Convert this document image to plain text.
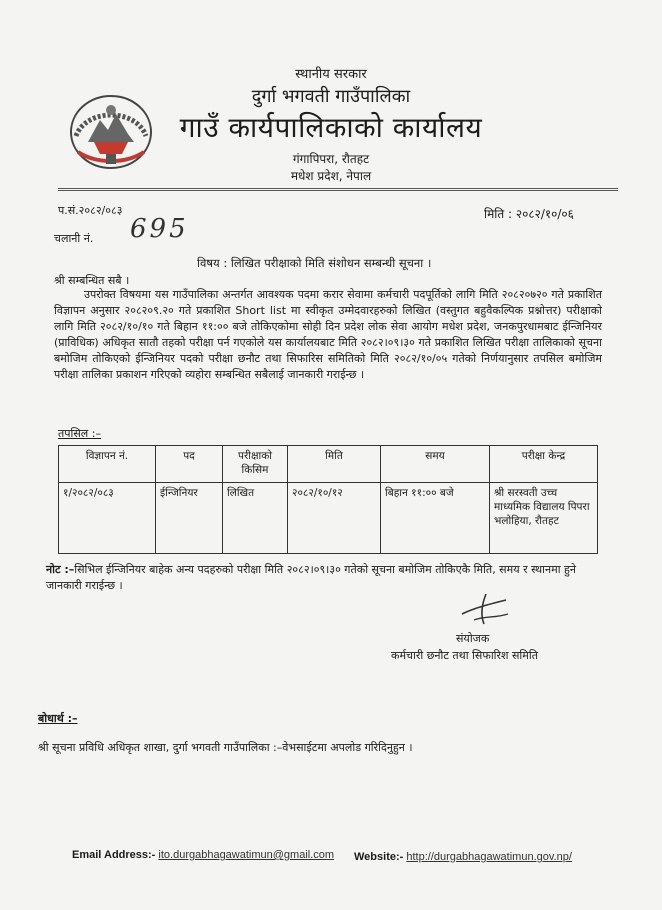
स्थानीय सरकार
दुर्गा भगवती गाउँपालिका
गाउँ कार्यपालिकाको कार्यालय
गंगापिपरा, रौतहट
मधेश प्रदेश, नेपाल
प.सं.२०८२/०८३	मिति : २०८२/१०/०६
चलानी नं. 695
विषय : लिखित परीक्षाको मिति संशोधन सम्बन्धी सूचना ।
श्री सम्बन्धित सबै ।
उपरोक्त विषयमा यस गाउँपालिका अन्तर्गत आवश्यक पदमा करार सेवामा कर्मचारी पदपूर्तिको लागि मिति २०८२०७२० गते प्रकाशित विज्ञापन अनुसार २०८२०९.२० गते प्रकाशित Short list मा स्वीकृत उम्मेदवारहरुको लिखित (वस्तुगत बहुवैकल्पिक प्रश्नोत्तर) परीक्षाको लागि मिति २०८२/१०/१० गते बिहान ११:०० बजे तोकिएकोमा सोही दिन प्रदेश लोक सेवा आयोग मधेश प्रदेश, जनकपुरधामबाट ईन्जिनियर (प्राविधिक) अधिकृत सातौ तहको परीक्षा पर्न गएकोले यस कार्यालयबाट मिति २०८२।०९।३० गते प्रकाशित लिखित परीक्षा तालिकाको सूचना बमोजिम तोकिएको ईन्जिनियर पदको परीक्षा छनौट तथा सिफारिस समितिको मिति २०८२/१०/०५ गतेको निर्णयानुसार तपसिल बमोजिम परीक्षा तालिका प्रकाशन गरिएको व्यहोरा सम्बन्धित सबैलाई जानकारी गराईन्छ ।
तपसिल :–
विज्ञापन नं.	पद	परीक्षाको किसिम	मिति	समय	परीक्षा केन्द्र
१/२०८२/०८३	ईन्जिनियर	लिखित	२०८२/१०/१२	बिहान ११:०० बजे	श्री सरस्वती उच्च माध्यमिक विद्यालय पिपरा भलोहिया, रौतहट
नोट :–सिभिल ईन्जिनियर बाहेक अन्य पदहरुको परीक्षा मिति २०८२।०९।३० गतेको सूचना बमोजिम तोकिएकै मिति, समय र स्थानमा हुने जानकारी गराईन्छ ।
संयोजक
कर्मचारी छनौट तथा सिफारिश समिति
बोधार्थ :–
श्री सूचना प्रविधि अधिकृत शाखा, दुर्गा भगवती गाउँपालिका :–वेभसाईटमा अपलोड गरिदिनुहुन ।
Email Address:- ito.durgabhagawatimun@gmail.com Website:- http://durgabhagawatimun.gov.np/
